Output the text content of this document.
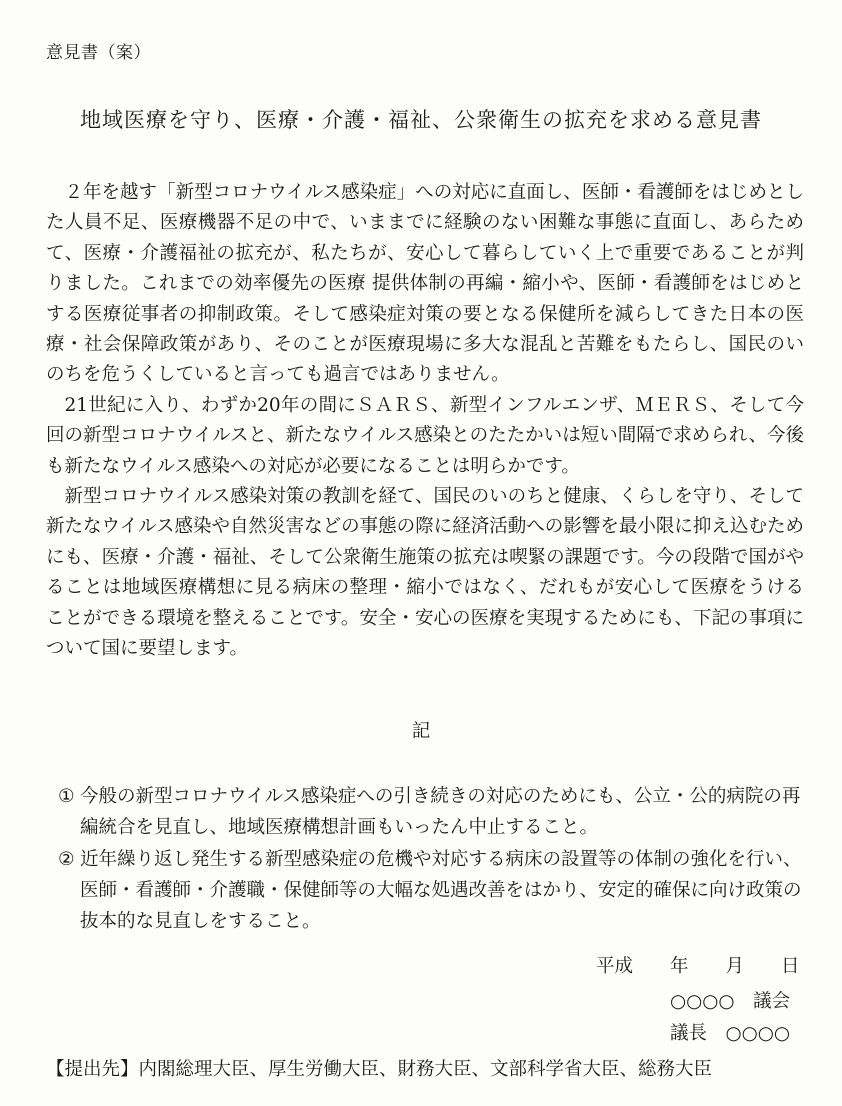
意見書（案）
地域医療を守り、医療・介護・福祉、公衆衛生の拡充を求める意見書

２年を越す「新型コロナウイルス感染症」への対応に直面し、医師・看護師をはじめとした人員不足、医療機器不足の中で、いままでに経験のない困難な事態に直面し、あらためて、医療・介護福祉の拡充が、私たちが、安心して暮らしていく上で重要であることが判りました。これまでの効率優先の医療 提供体制の再編・縮小や、医師・看護師をはじめとする医療従事者の抑制政策。そして感染症対策の要となる保健所を減らしてきた日本の医療・社会保障政策があり、そのことが医療現場に多大な混乱と苦難をもたらし、国民のいのちを危うくしていると言っても過言ではありません。

21世紀に入り、わずか20年の間にＳＡＲＳ、新型インフルエンザ、ＭＥＲＳ、そして今回の新型コロナウイルスと、新たなウイルス感染とのたたかいは短い間隔で求められ、今後も新たなウイルス感染への対応が必要になることは明らかです。

新型コロナウイルス感染対策の教訓を経て、国民のいのちと健康、くらしを守り、そして新たなウイルス感染や自然災害などの事態の際に経済活動への影響を最小限に抑え込むためにも、医療・介護・福祉、そして公衆衛生施策の拡充は喫緊の課題です。今の段階で国がやることは地域医療構想に見る病床の整理・縮小ではなく、だれもが安心して医療をうけることができる環境を整えることです。安全・安心の医療を実現するためにも、下記の事項について国に要望します。

記
① 今般の新型コロナウイルス感染症への引き続きの対応のためにも、公立・公的病院の再編統合を見直し、地域医療構想計画もいったん中止すること。
② 近年繰り返し発生する新型感染症の危機や対応する病床の設置等の体制の強化を行い、医師・看護師・介護職・保健師等の大幅な処遇改善をはかり、安定的確保に向け政策の抜本的な見直しをすること。
平成　　年　　月　　日
○○○○　議会
議長　○○○○
【提出先】内閣総理大臣、厚生労働大臣、財務大臣、文部科学省大臣、総務大臣
